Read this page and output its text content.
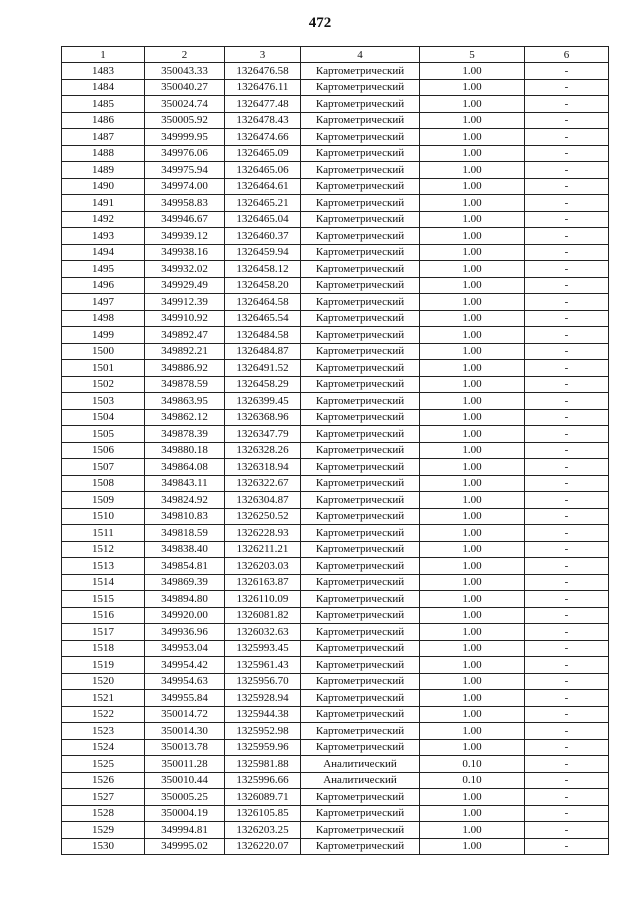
472
1	2	3	4	5	6
1483	350043.33	1326476.58	Картометрический	1.00	-
1484	350040.27	1326476.11	Картометрический	1.00	-
1485	350024.74	1326477.48	Картометрический	1.00	-
1486	350005.92	1326478.43	Картометрический	1.00	-
1487	349999.95	1326474.66	Картометрический	1.00	-
1488	349976.06	1326465.09	Картометрический	1.00	-
1489	349975.94	1326465.06	Картометрический	1.00	-
1490	349974.00	1326464.61	Картометрический	1.00	-
1491	349958.83	1326465.21	Картометрический	1.00	-
1492	349946.67	1326465.04	Картометрический	1.00	-
1493	349939.12	1326460.37	Картометрический	1.00	-
1494	349938.16	1326459.94	Картометрический	1.00	-
1495	349932.02	1326458.12	Картометрический	1.00	-
1496	349929.49	1326458.20	Картометрический	1.00	-
1497	349912.39	1326464.58	Картометрический	1.00	-
1498	349910.92	1326465.54	Картометрический	1.00	-
1499	349892.47	1326484.58	Картометрический	1.00	-
1500	349892.21	1326484.87	Картометрический	1.00	-
1501	349886.92	1326491.52	Картометрический	1.00	-
1502	349878.59	1326458.29	Картометрический	1.00	-
1503	349863.95	1326399.45	Картометрический	1.00	-
1504	349862.12	1326368.96	Картометрический	1.00	-
1505	349878.39	1326347.79	Картометрический	1.00	-
1506	349880.18	1326328.26	Картометрический	1.00	-
1507	349864.08	1326318.94	Картометрический	1.00	-
1508	349843.11	1326322.67	Картометрический	1.00	-
1509	349824.92	1326304.87	Картометрический	1.00	-
1510	349810.83	1326250.52	Картометрический	1.00	-
1511	349818.59	1326228.93	Картометрический	1.00	-
1512	349838.40	1326211.21	Картометрический	1.00	-
1513	349854.81	1326203.03	Картометрический	1.00	-
1514	349869.39	1326163.87	Картометрический	1.00	-
1515	349894.80	1326110.09	Картометрический	1.00	-
1516	349920.00	1326081.82	Картометрический	1.00	-
1517	349936.96	1326032.63	Картометрический	1.00	-
1518	349953.04	1325993.45	Картометрический	1.00	-
1519	349954.42	1325961.43	Картометрический	1.00	-
1520	349954.63	1325956.70	Картометрический	1.00	-
1521	349955.84	1325928.94	Картометрический	1.00	-
1522	350014.72	1325944.38	Картометрический	1.00	-
1523	350014.30	1325952.98	Картометрический	1.00	-
1524	350013.78	1325959.96	Картометрический	1.00	-
1525	350011.28	1325981.88	Аналитический	0.10	-
1526	350010.44	1325996.66	Аналитический	0.10	-
1527	350005.25	1326089.71	Картометрический	1.00	-
1528	350004.19	1326105.85	Картометрический	1.00	-
1529	349994.81	1326203.25	Картометрический	1.00	-
1530	349995.02	1326220.07	Картометрический	1.00	-
